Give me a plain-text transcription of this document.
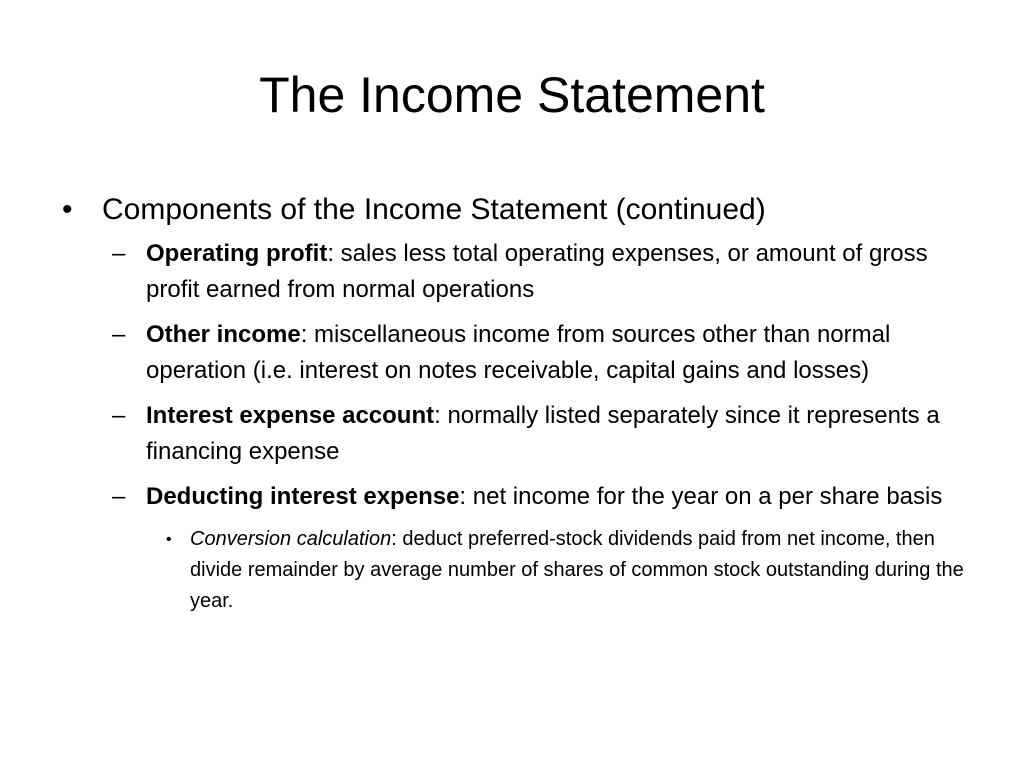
The Income Statement
• Components of the Income Statement (continued)
– Operating profit: sales less total operating expenses, or amount of gross profit earned from normal operations
– Other income: miscellaneous income from sources other than normal operation (i.e. interest on notes receivable, capital gains and losses)
– Interest expense account: normally listed separately since it represents a financing expense
– Deducting interest expense: net income for the year on a per share basis
• Conversion calculation: deduct preferred-stock dividends paid from net income, then divide remainder by average number of shares of common stock outstanding during the year.
